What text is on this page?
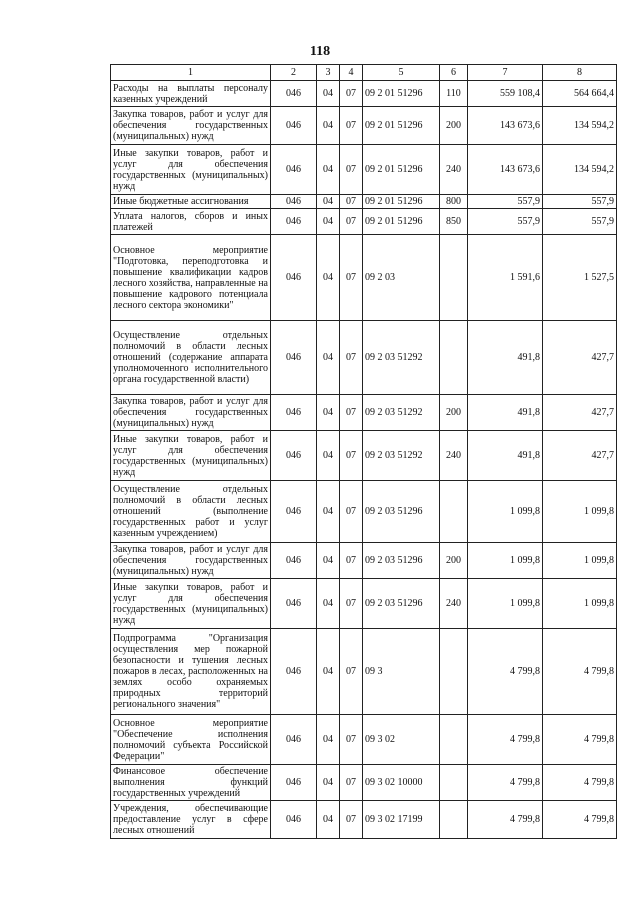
118
1	2	3	4	5	6	7	8
Расходы на выплаты персоналу казенных учреждений	046	04	07	09 2 01 51296	110	559 108,4	564 664,4
Закупка товаров, работ и услуг для обеспечения государственных (муниципальных) нужд	046	04	07	09 2 01 51296	200	143 673,6	134 594,2
Иные закупки товаров, работ и услуг для обеспечения государственных (муниципальных) нужд	046	04	07	09 2 01 51296	240	143 673,6	134 594,2
Иные бюджетные ассигнования	046	04	07	09 2 01 51296	800	557,9	557,9
Уплата налогов, сборов и иных платежей	046	04	07	09 2 01 51296	850	557,9	557,9
Основное мероприятие "Подготовка, переподготовка и повышение квалификации кадров лесного хозяйства, направленные на повышение кадрового потенциала лесного сектора экономики"	046	04	07	09 2 03		1 591,6	1 527,5
Осуществление отдельных полномочий в области лесных отношений (содержание аппарата уполномоченного исполнительного органа государственной власти)	046	04	07	09 2 03 51292		491,8	427,7
Закупка товаров, работ и услуг для обеспечения государственных (муниципальных) нужд	046	04	07	09 2 03 51292	200	491,8	427,7
Иные закупки товаров, работ и услуг для обеспечения государственных (муниципальных) нужд	046	04	07	09 2 03 51292	240	491,8	427,7
Осуществление отдельных полномочий в области лесных отношений (выполнение государственных работ и услуг казенным учреждением)	046	04	07	09 2 03 51296		1 099,8	1 099,8
Закупка товаров, работ и услуг для обеспечения государственных (муниципальных) нужд	046	04	07	09 2 03 51296	200	1 099,8	1 099,8
Иные закупки товаров, работ и услуг для обеспечения государственных (муниципальных) нужд	046	04	07	09 2 03 51296	240	1 099,8	1 099,8
Подпрограмма "Организация осуществления мер пожарной безопасности и тушения лесных пожаров в лесах, расположенных на землях особо охраняемых природных территорий регионального значения"	046	04	07	09 3		4 799,8	4 799,8
Основное мероприятие "Обеспечение исполнения полномочий субъекта Российской Федерации"	046	04	07	09 3 02		4 799,8	4 799,8
Финансовое обеспечение выполнения функций государственных учреждений	046	04	07	09 3 02 10000		4 799,8	4 799,8
Учреждения, обеспечивающие предоставление услуг в сфере лесных отношений	046	04	07	09 3 02 17199		4 799,8	4 799,8
